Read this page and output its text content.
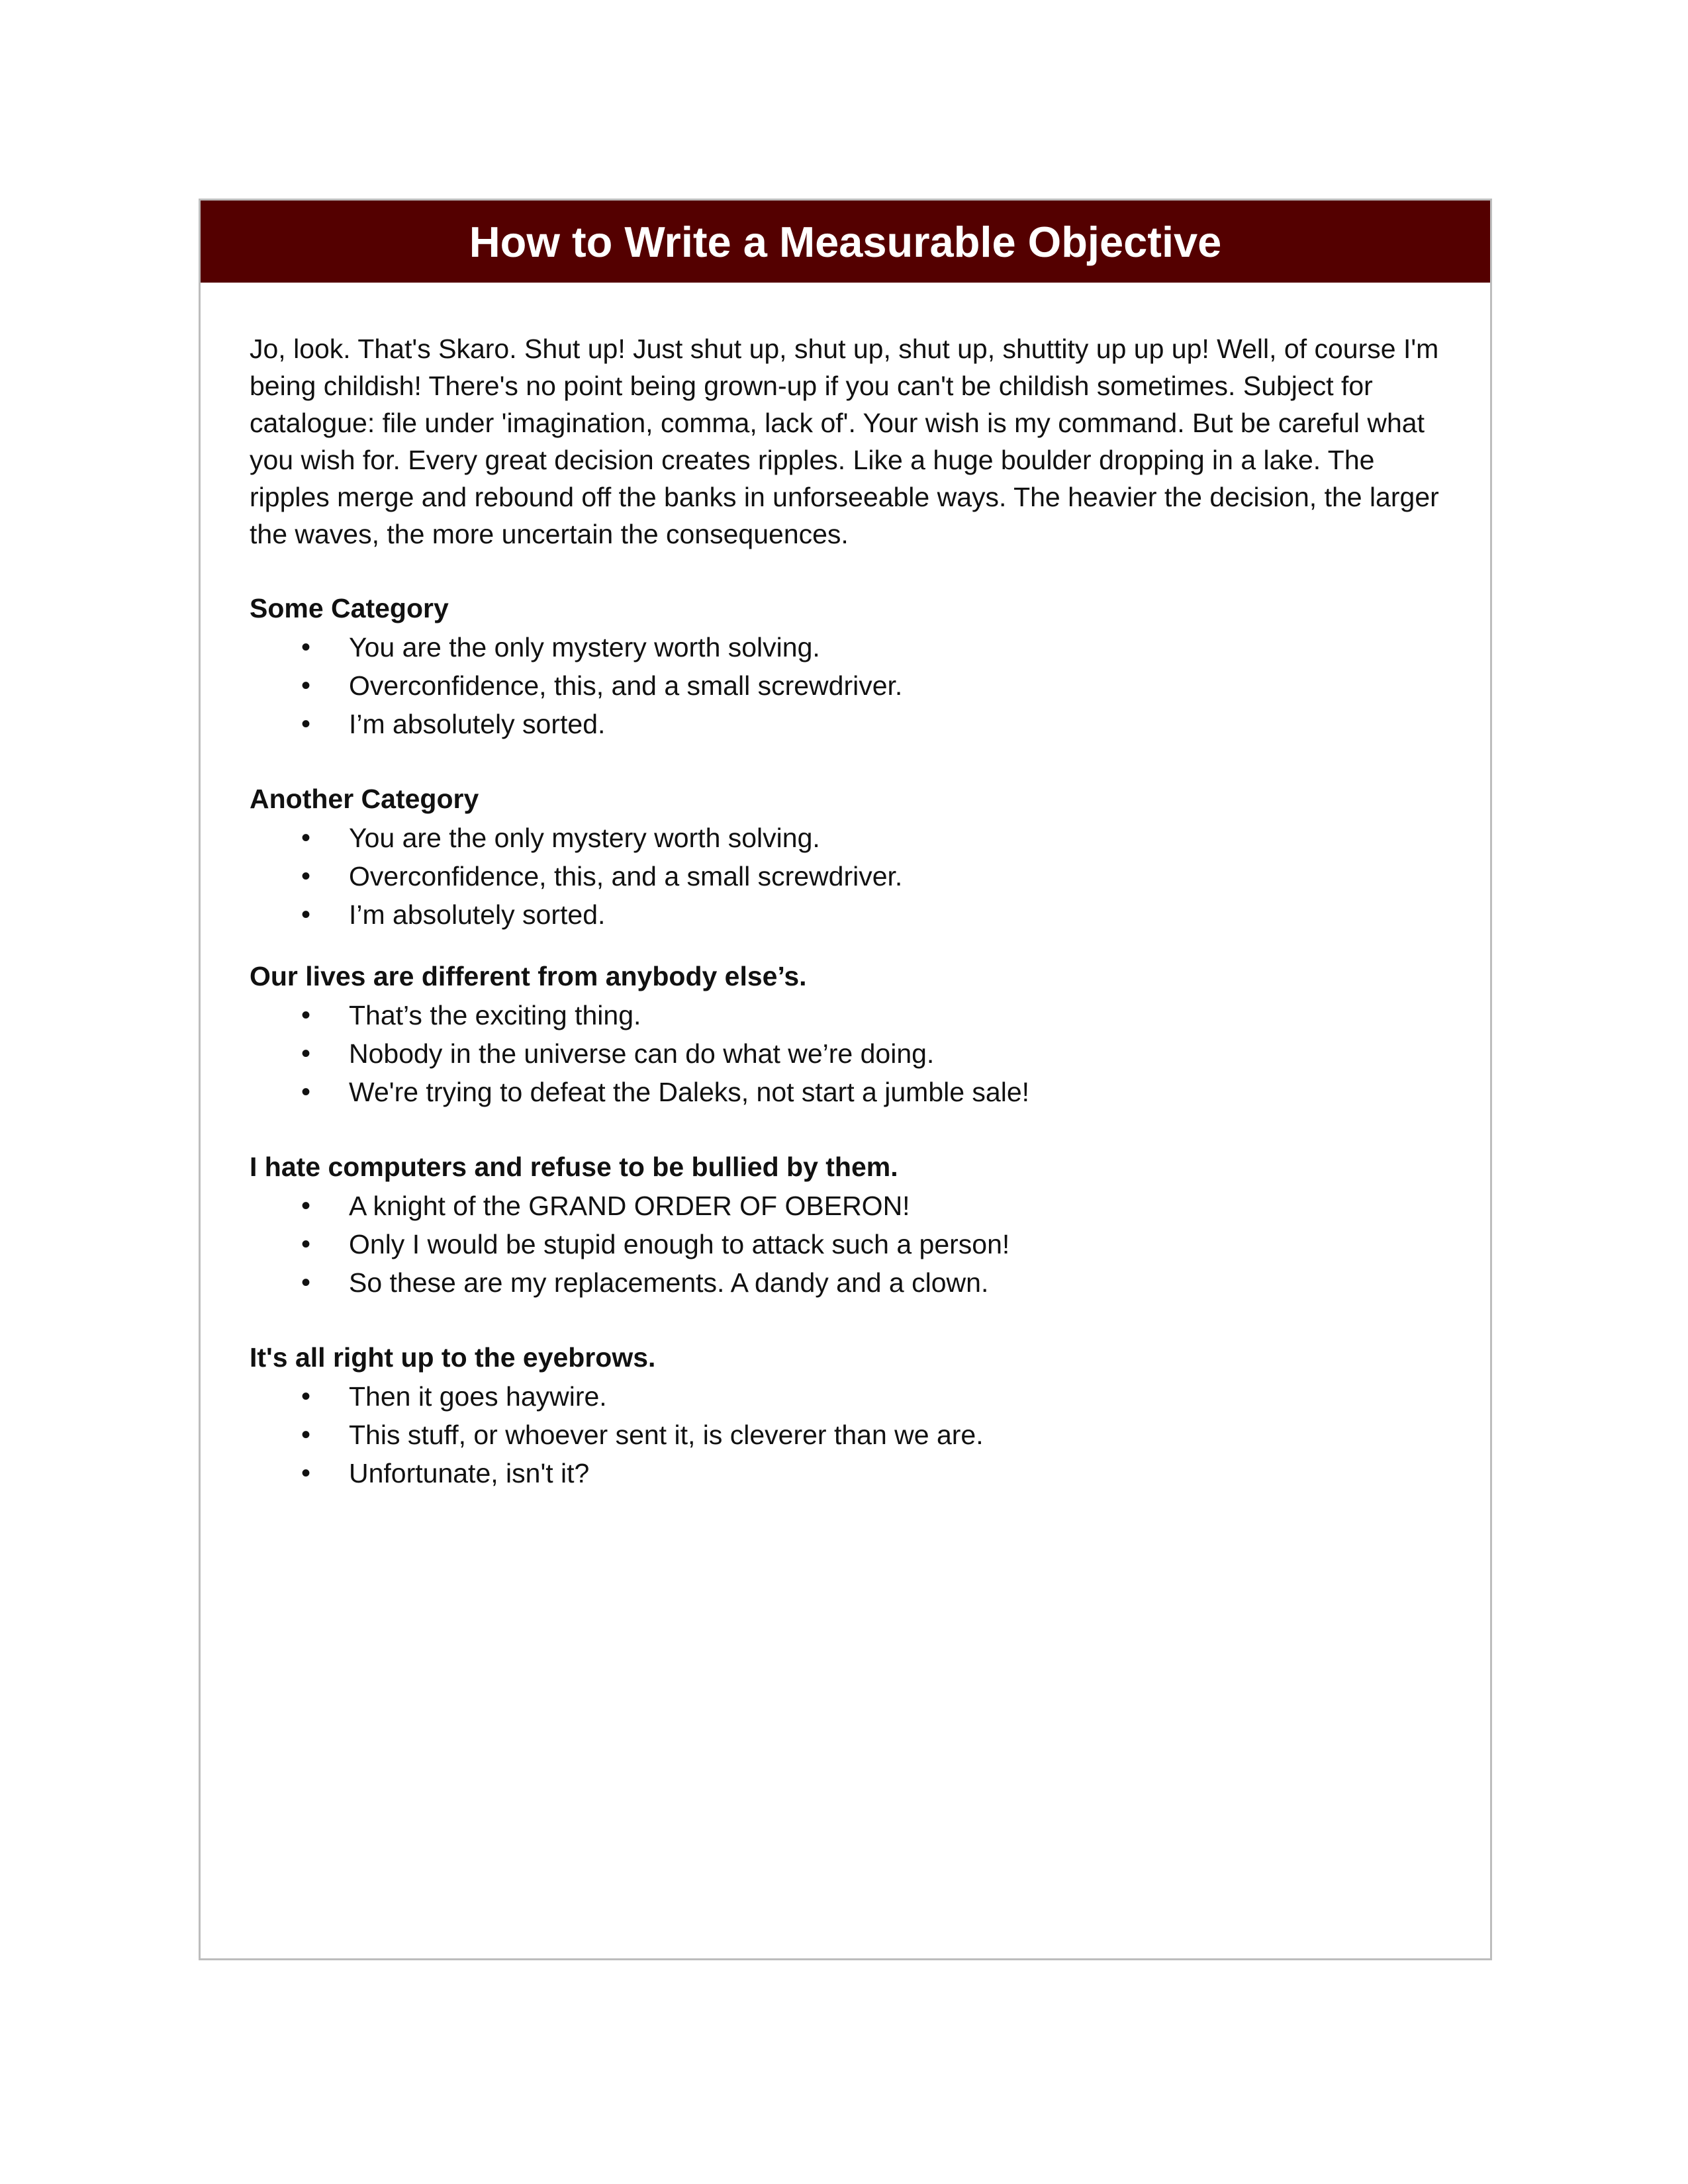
How to Write a Measurable Objective

Jo, look. That's Skaro. Shut up! Just shut up, shut up, shut up, shuttity up up up! Well, of course I'm being childish! There's no point being grown-up if you can't be childish sometimes. Subject for catalogue: file under 'imagination, comma, lack of'. Your wish is my command. But be careful what you wish for. Every great decision creates ripples. Like a huge boulder dropping in a lake. The ripples merge and rebound off the banks in unforseeable ways. The heavier the decision, the larger the waves, the more uncertain the consequences.

Some Category
• You are the only mystery worth solving.
• Overconfidence, this, and a small screwdriver.
• I’m absolutely sorted.
Another Category
• You are the only mystery worth solving.
• Overconfidence, this, and a small screwdriver.
• I’m absolutely sorted.
Our lives are different from anybody else’s.
• That’s the exciting thing.
• Nobody in the universe can do what we’re doing.
• We're trying to defeat the Daleks, not start a jumble sale!
I hate computers and refuse to be bullied by them.
• A knight of the GRAND ORDER OF OBERON!
• Only I would be stupid enough to attack such a person!
• So these are my replacements. A dandy and a clown.
It's all right up to the eyebrows.
• Then it goes haywire.
• This stuff, or whoever sent it, is cleverer than we are.
• Unfortunate, isn't it?
